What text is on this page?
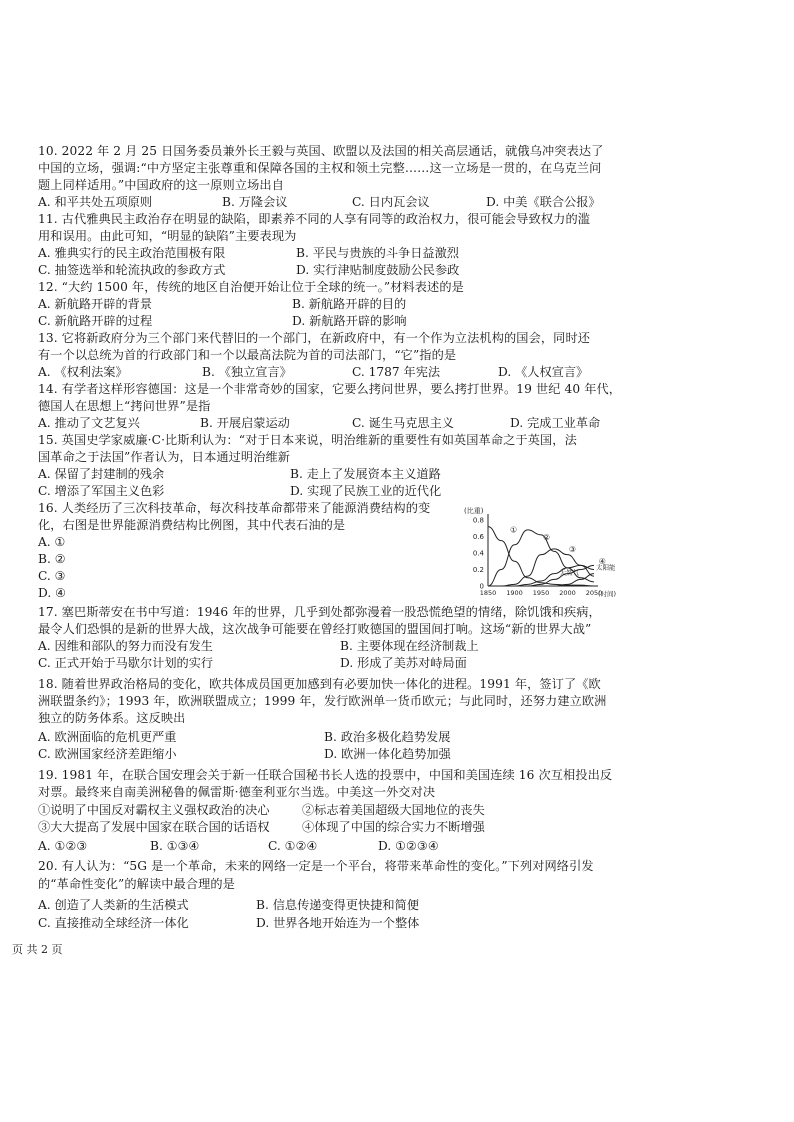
10. 2022 年 2 月 25 日国务委员兼外长王毅与英国、欧盟以及法国的相关高层通话，就俄乌冲突表达了
中国的立场，强调:“中方坚定主张尊重和保障各国的主权和领土完整……这一立场是一贯的，在乌克兰问
题上同样适用。”中国政府的这一原则立场出自
A. 和平共处五项原则	B. 万隆会议	C. 日内瓦会议	D. 中美《联合公报》
11. 古代雅典民主政治存在明显的缺陷，即素养不同的人享有同等的政治权力，很可能会导致权力的滥
用和误用。由此可知，“明显的缺陷”主要表现为
A. 雅典实行的民主政治范围极有限	B. 平民与贵族的斗争日益激烈
C. 抽签选举和轮流执政的参政方式	D. 实行津贴制度鼓励公民参政
12. “大约 1500 年，传统的地区自治便开始让位于全球的统一。”材料表述的是
A. 新航路开辟的背景	B. 新航路开辟的目的
C. 新航路开辟的过程	D. 新航路开辟的影响
13. 它将新政府分为三个部门来代替旧的一个部门，在新政府中，有一个作为立法机构的国会，同时还
有一个以总统为首的行政部门和一个以最高法院为首的司法部门，“它”指的是
A. 《权利法案》	B. 《独立宣言》	C. 1787 年宪法	D. 《人权宣言》
14. 有学者这样形容德国：这是一个非常奇妙的国家，它要么拷问世界，要么拷打世界。19 世纪 40 年代，
德国人在思想上“拷问世界”是指
A. 推动了文艺复兴	B. 开展启蒙运动	C. 诞生马克思主义	D. 完成工业革命
15. 英国史学家威廉·C·比斯利认为：“对于日本来说，明治维新的重要性有如英国革命之于英国，法
国革命之于法国”作者认为，日本通过明治维新
A. 保留了封建制的残余	B. 走上了发展资本主义道路
C. 增添了军国主义色彩	D. 实现了民族工业的近代化
16. 人类经历了三次科技革命，每次科技革命都带来了能源消费结构的变
化，右图是世界能源消费结构比例图，其中代表石油的是
A. ①
B. ②
C. ③
D. ④
(比重)
0.8
0.6
0.4
0.2
0
1850 1900 1950 2000 2050
(时间)
①
②
③
④
天然气
太阳能
17. 塞巴斯蒂安在书中写道：1946 年的世界，几乎到处都弥漫着一股恐慌绝望的情绪，除饥饿和疾病，
最令人们恐惧的是新的世界大战，这次战争可能要在曾经打败德国的盟国间打响。这场“新的世界大战”
A. 因维和部队的努力而没有发生	B. 主要体现在经济制裁上
C. 正式开始于马歇尔计划的实行	D. 形成了美苏对峙局面
18. 随着世界政治格局的变化，欧共体成员国更加感到有必要加快一体化的进程。1991 年，签订了《欧
洲联盟条约》；1993 年，欧洲联盟成立；1999 年，发行欧洲单一货币欧元；与此同时，还努力建立欧洲
独立的防务体系。这反映出
A. 欧洲面临的危机更严重	B. 政治多极化趋势发展
C. 欧洲国家经济差距缩小	D. 欧洲一体化趋势加强
19. 1981 年，在联合国安理会关于新一任联合国秘书长人选的投票中，中国和美国连续 16 次互相投出反
对票。最终来自南美洲秘鲁的佩雷斯·德奎利亚尔当选。中美这一外交对决
①说明了中国反对霸权主义强权政治的决心	②标志着美国超级大国地位的丧失
③大大提高了发展中国家在联合国的话语权	④体现了中国的综合实力不断增强
A. ①②③	B. ①③④	C. ①②④	D. ①②③④
20. 有人认为：“5G 是一个革命，未来的网络一定是一个平台，将带来革命性的变化。”下列对网络引发
的“革命性变化”的解读中最合理的是
A. 创造了人类新的生活模式	B. 信息传递变得更快捷和简便
C. 直接推动全球经济一体化	D. 世界各地开始连为一个整体
页 共 2 页
